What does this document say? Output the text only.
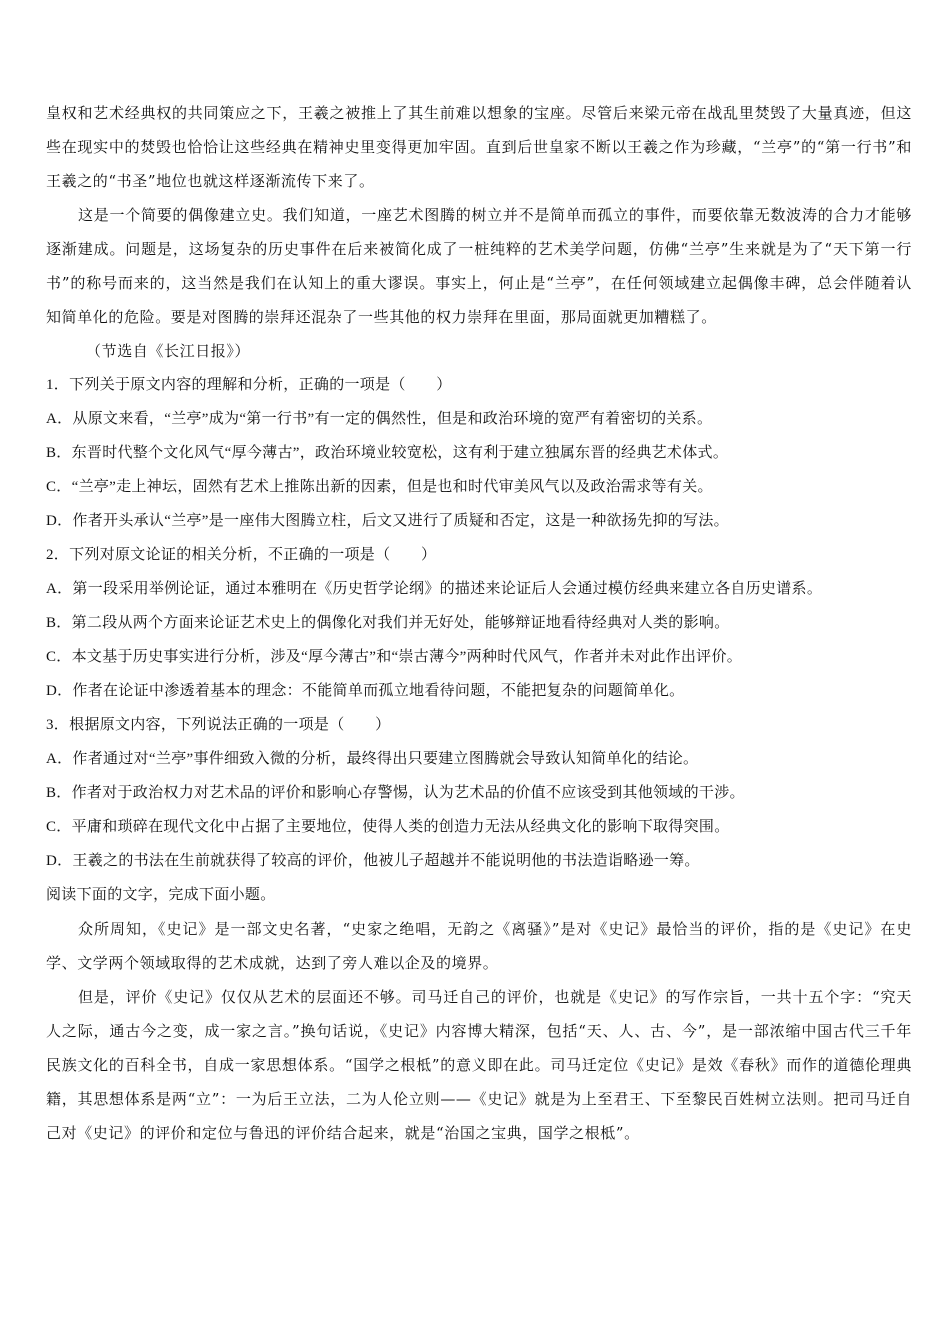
皇权和艺术经典权的共同策应之下，王羲之被推上了其生前难以想象的宝座。尽管后来梁元帝在战乱里焚毁了大量真迹，但这些在现实中的焚毁也恰恰让这些经典在精神史里变得更加牢固。直到后世皇家不断以王羲之作为珍藏，“兰亭”的“第一行书”和王羲之的“书圣”地位也就这样逐渐流传下来了。

这是一个简要的偶像建立史。我们知道，一座艺术图腾的树立并不是简单而孤立的事件，而要依靠无数波涛的合力才能够逐渐建成。问题是，这场复杂的历史事件在后来被简化成了一桩纯粹的艺术美学问题，仿佛“兰亭”生来就是为了“天下第一行书”的称号而来的，这当然是我们在认知上的重大谬误。事实上，何止是“兰亭”，在任何领域建立起偶像丰碑，总会伴随着认知简单化的危险。要是对图腾的崇拜还混杂了一些其他的权力崇拜在里面，那局面就更加糟糕了。

（节选自《长江日报》）

1．下列关于原文内容的理解和分析，正确的一项是（　　）

A．从原文来看，“兰亭”成为“第一行书”有一定的偶然性，但是和政治环境的宽严有着密切的关系。

B．东晋时代整个文化风气“厚今薄古”，政治环境业较宽松，这有利于建立独属东晋的经典艺术体式。

C．“兰亭”走上神坛，固然有艺术上推陈出新的因素，但是也和时代审美风气以及政治需求等有关。

D．作者开头承认“兰亭”是一座伟大图腾立柱，后文又进行了质疑和否定，这是一种欲扬先抑的写法。

2．下列对原文论证的相关分析，不正确的一项是（　　）

A．第一段采用举例论证，通过本雅明在《历史哲学论纲》的描述来论证后人会通过模仿经典来建立各自历史谱系。

B．第二段从两个方面来论证艺术史上的偶像化对我们并无好处，能够辩证地看待经典对人类的影响。

C．本文基于历史事实进行分析，涉及“厚今薄古”和“崇古薄今”两种时代风气，作者并未对此作出评价。

D．作者在论证中渗透着基本的理念：不能简单而孤立地看待问题，不能把复杂的问题简单化。

3．根据原文内容，下列说法正确的一项是（　　）

A．作者通过对“兰亭”事件细致入微的分析，最终得出只要建立图腾就会导致认知简单化的结论。

B．作者对于政治权力对艺术品的评价和影响心存警惕，认为艺术品的价值不应该受到其他领域的干涉。

C．平庸和琐碎在现代文化中占据了主要地位，使得人类的创造力无法从经典文化的影响下取得突围。

D．王羲之的书法在生前就获得了较高的评价，他被儿子超越并不能说明他的书法造诣略逊一筹。

阅读下面的文字，完成下面小题。

众所周知，《史记》是一部文史名著，“史家之绝唱，无韵之《离骚》”是对《史记》最恰当的评价，指的是《史记》在史学、文学两个领域取得的艺术成就，达到了旁人难以企及的境界。

但是，评价《史记》仅仅从艺术的层面还不够。司马迁自己的评价，也就是《史记》的写作宗旨，一共十五个字：“究天人之际，通古今之变，成一家之言。”换句话说，《史记》内容博大精深，包括“天、人、古、今”，是一部浓缩中国古代三千年民族文化的百科全书，自成一家思想体系。“国学之根柢”的意义即在此。司马迁定位《史记》是效《春秋》而作的道德伦理典籍，其思想体系是两“立”：一为后王立法，二为人伦立则——《史记》就是为上至君王、下至黎民百姓树立法则。把司马迁自己对《史记》的评价和定位与鲁迅的评价结合起来，就是“治国之宝典，国学之根柢”。
